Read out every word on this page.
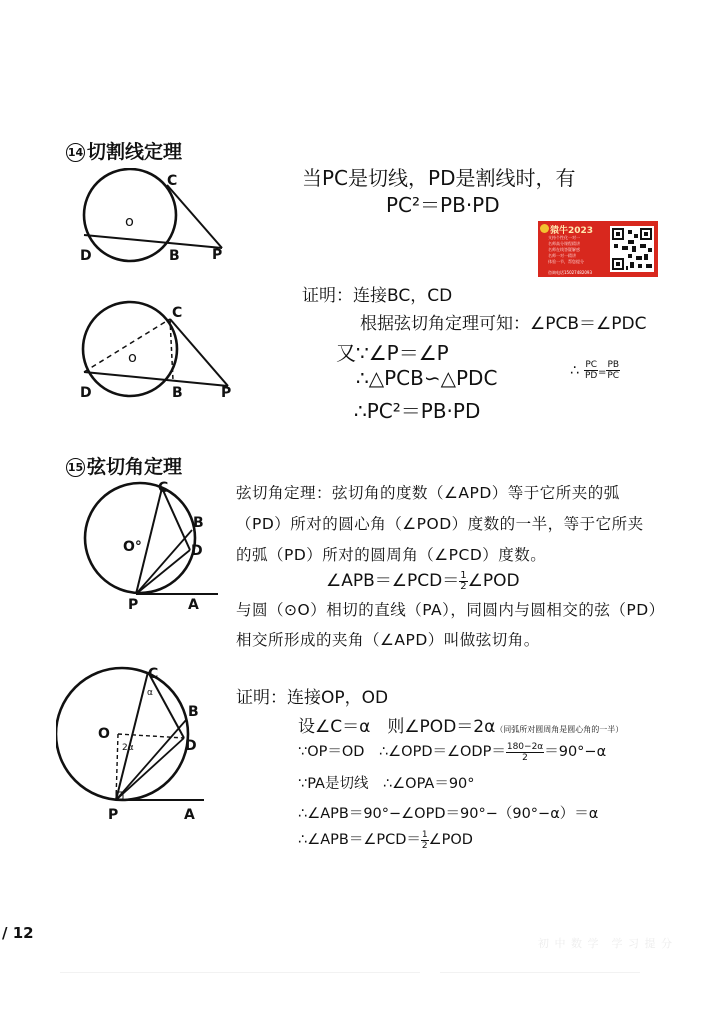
14 切割线定理
C
o
D	B P
当PC是切线，PD是割线时，有
PC²＝PB·PD
猿牛2023
支持个性化一对一
名师高分课程精讲
名师在线答疑解惑
名师一对一精讲
体验一节，帮您提分
咨询电话15027482093
C
o
D	B	P
证明：连接BC，CD
根据弦切角定理可知：∠PCB＝∠PDC
又∵∠P＝∠P
∴△PCB∽△PDC	∴ $\frac{PC}{PD} = \frac{PB}{PC}$
∴PC²＝PB·PD
15 弦切角定理
C
B
D
O°
P	A
弦切角定理：弦切角的度数（∠APD）等于它所夹的弧
（PD）所对的圆心角（∠POD）度数的一半，等于它所夹
的弧（PD）所对的圆周角（∠PCD）度数。
∠APB＝∠PCD＝ $\frac{1}{2}$ ∠POD
与圆（⊙O）相切的直线（PA），同圆内与圆相交的弦（PD）
相交所形成的夹角（∠APD）叫做弦切角。
C
α
B
D
O
2α
P	A
证明：连接OP，OD
设∠C＝α　则∠POD＝2α（同弧所对圆周角是圆心角的一半）
∵OP＝OD　∴∠OPD＝∠ODP＝ $\frac{180-2\alpha}{2} =90^\circ-\alpha$
∵PA是切线　∴∠OPA＝90°
∴∠APB＝90°−∠OPD＝90°−（90°−α）＝α
∴∠APB＝∠PCD＝ $\frac{1}{2}$ ∠POD
/ 12
初 中 数 学　学 习 提 分
